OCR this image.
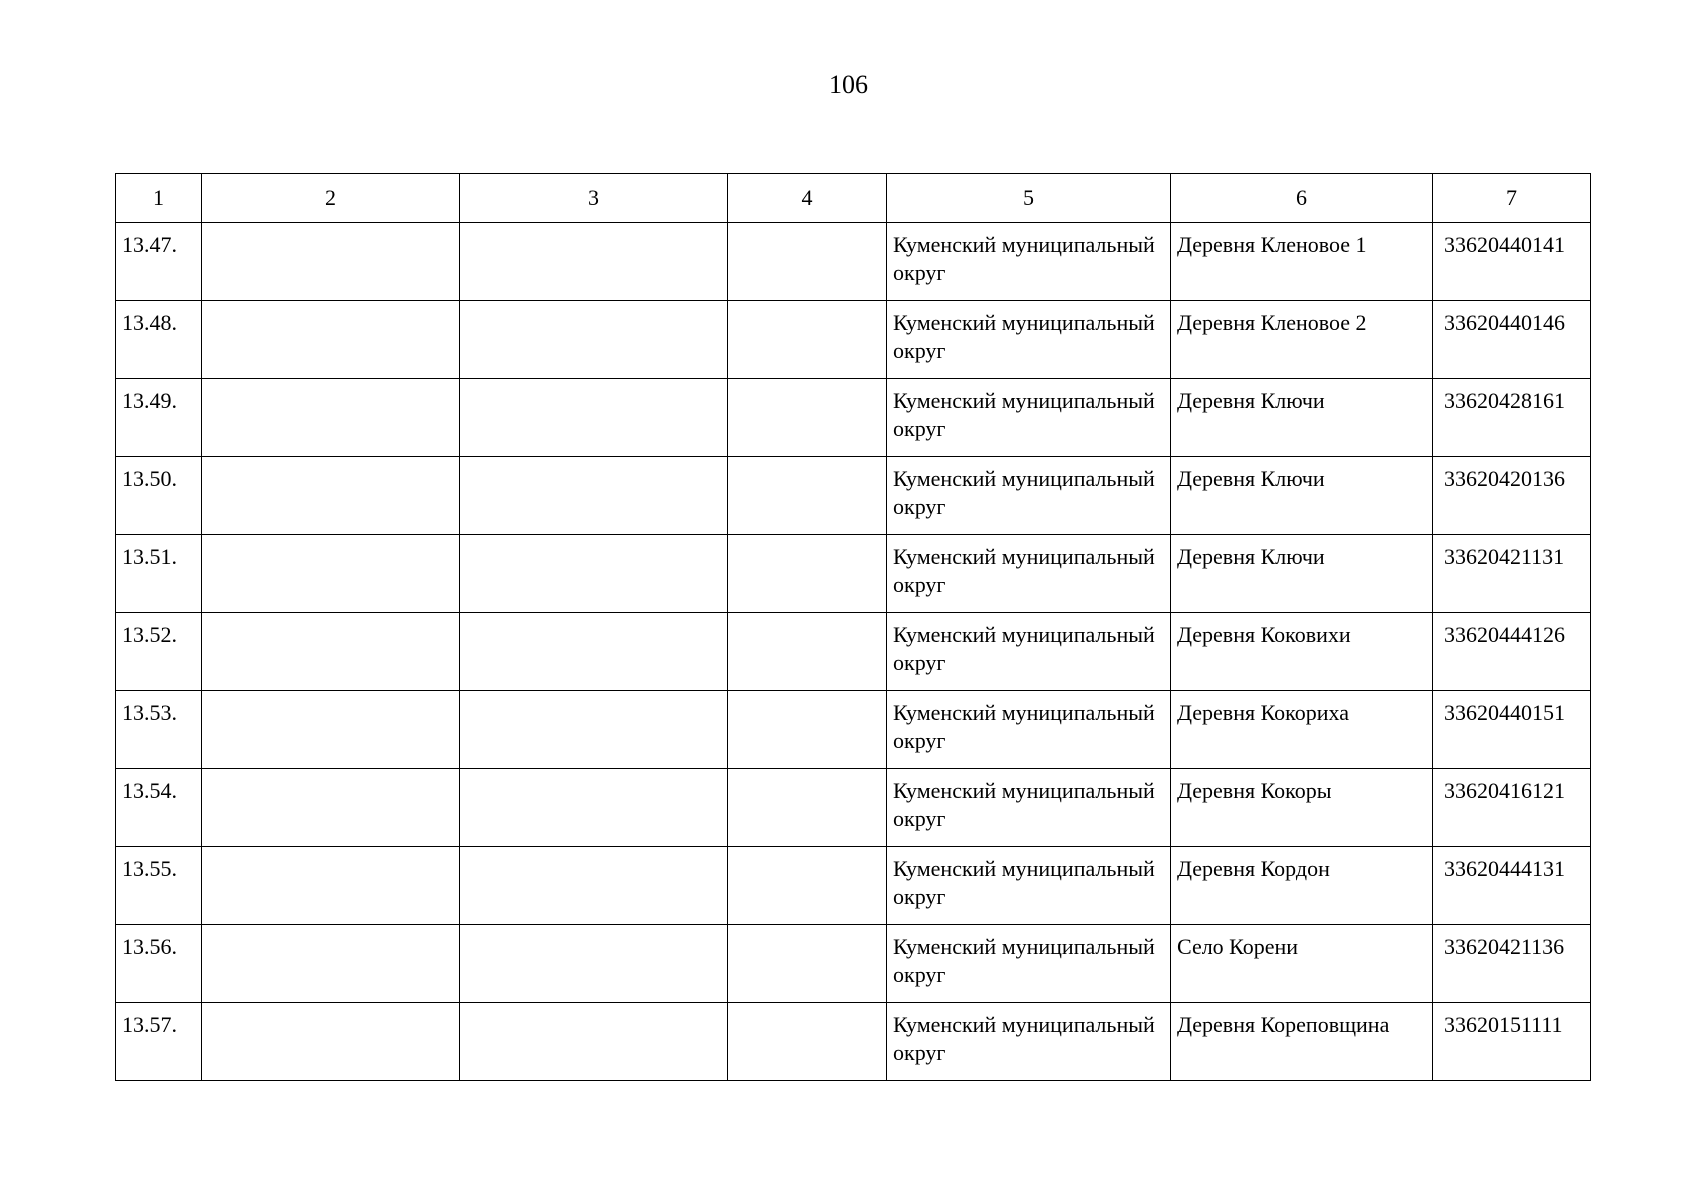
106
1	2	3	4	5	6	7
13.47.				Куменский муниципальный округ	Деревня Кленовое 1	33620440141
13.48.				Куменский муниципальный округ	Деревня Кленовое 2	33620440146
13.49.				Куменский муниципальный округ	Деревня Ключи	33620428161
13.50.				Куменский муниципальный округ	Деревня Ключи	33620420136
13.51.				Куменский муниципальный округ	Деревня Ключи	33620421131
13.52.				Куменский муниципальный округ	Деревня Коковихи	33620444126
13.53.				Куменский муниципальный округ	Деревня Кокориха	33620440151
13.54.				Куменский муниципальный округ	Деревня Кокоры	33620416121
13.55.				Куменский муниципальный округ	Деревня Кордон	33620444131
13.56.				Куменский муниципальный округ	Село Корени	33620421136
13.57.				Куменский муниципальный округ	Деревня Кореповщина	33620151111
